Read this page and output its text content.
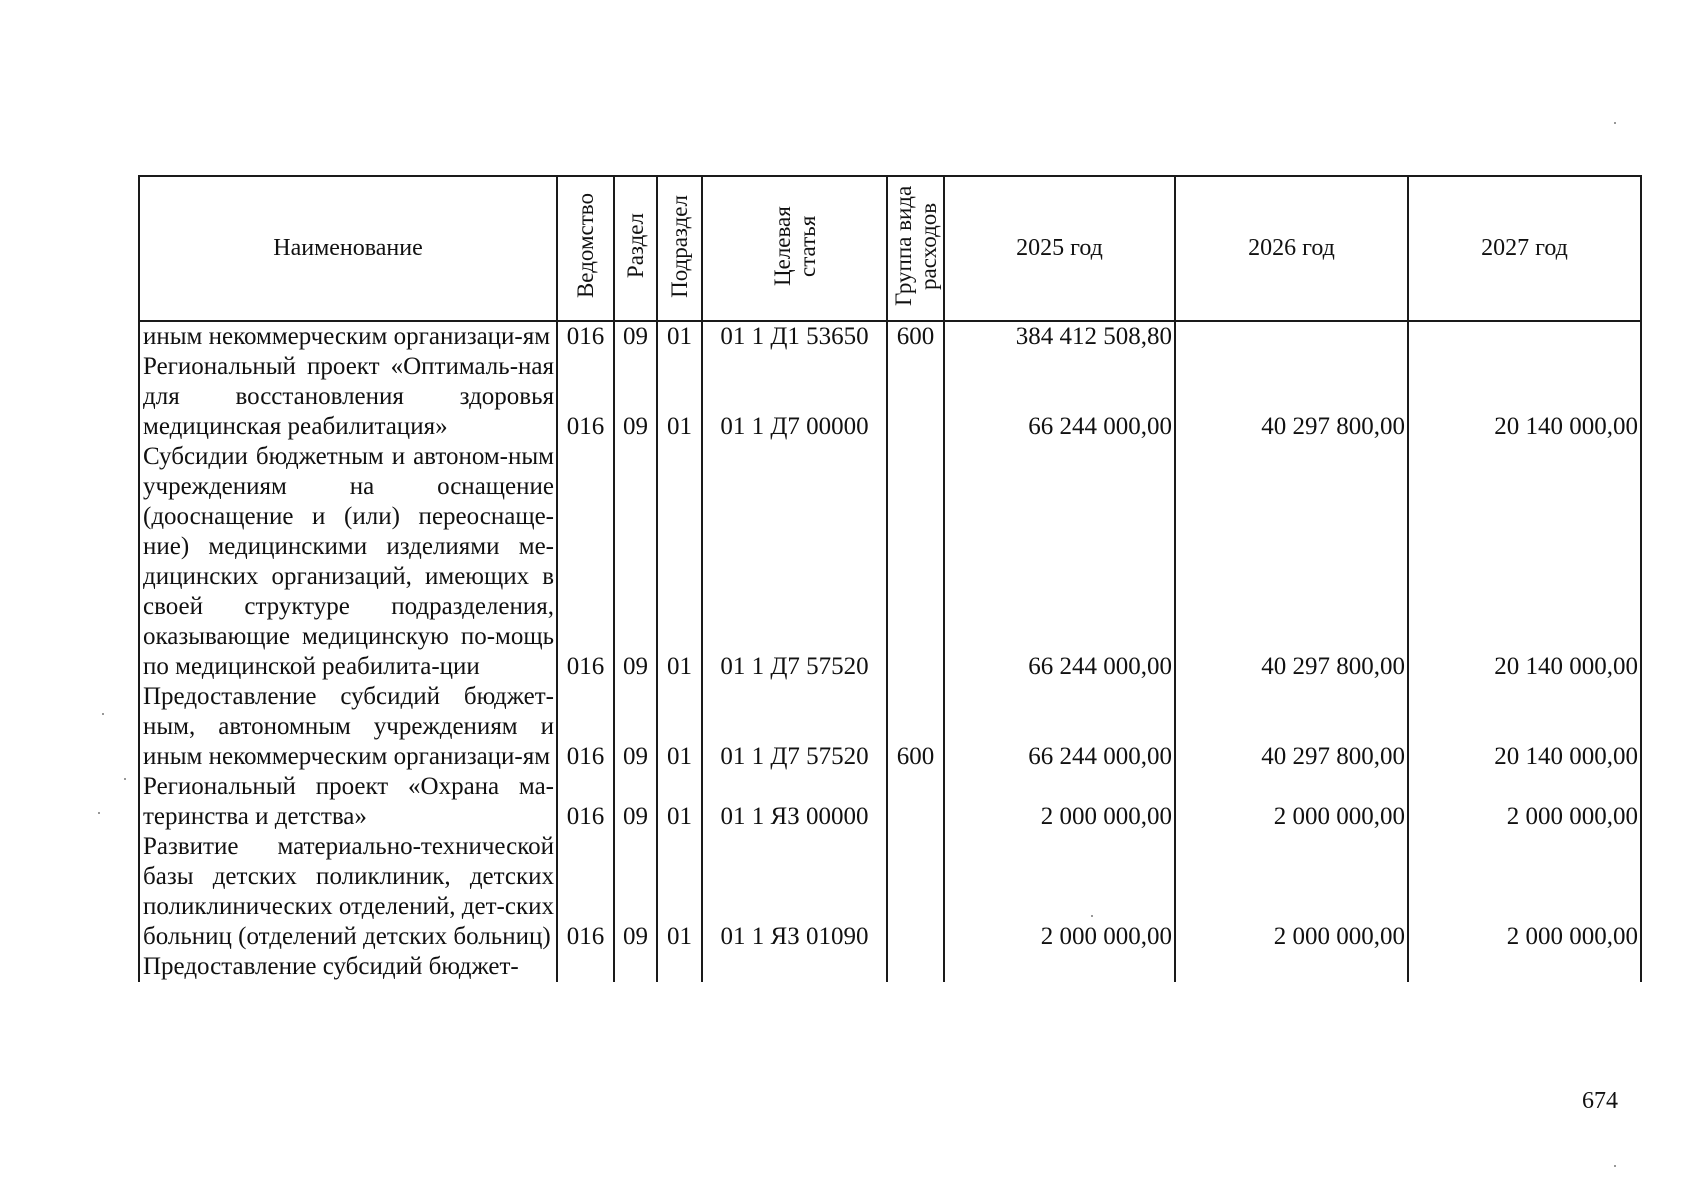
Наименование	Ведомство	Раздел	Подраздел	Целевая статья	Группа вида расходов	2025 год	2026 год	2027 год
иным некоммерческим организаци-ям	016	09	01	01 1 Д1 53650	600	384 412 508,80		
Региональный проект «Оптималь-ная для восстановления здоровья медицинская реабилитация»	016	09	01	01 1 Д7 00000		66 244 000,00	40 297 800,00	20 140 000,00
Субсидии бюджетным и автоном-ным учреждениям на оснащение (дооснащение и (или) переоснаще-ние) медицинскими изделиями ме-дицинских организаций, имеющих в своей структуре подразделения, оказывающие медицинскую по-мощь по медицинской реабилита-ции	016	09	01	01 1 Д7 57520		66 244 000,00	40 297 800,00	20 140 000,00
Предоставление субсидий бюджет-ным, автономным учреждениям и иным некоммерческим организаци-ям	016	09	01	01 1 Д7 57520	600	66 244 000,00	40 297 800,00	20 140 000,00
Региональный проект «Охрана ма-теринства и детства»	016	09	01	01 1 ЯЗ 00000		2 000 000,00	2 000 000,00	2 000 000,00
Развитие материально-технической базы детских поликлиник, детских поликлинических отделений, дет-ских больниц (отделений детских больниц)	016	09	01	01 1 ЯЗ 01090		2 000 000,00	2 000 000,00	2 000 000,00
Предоставление субсидий бюджет-								
674
